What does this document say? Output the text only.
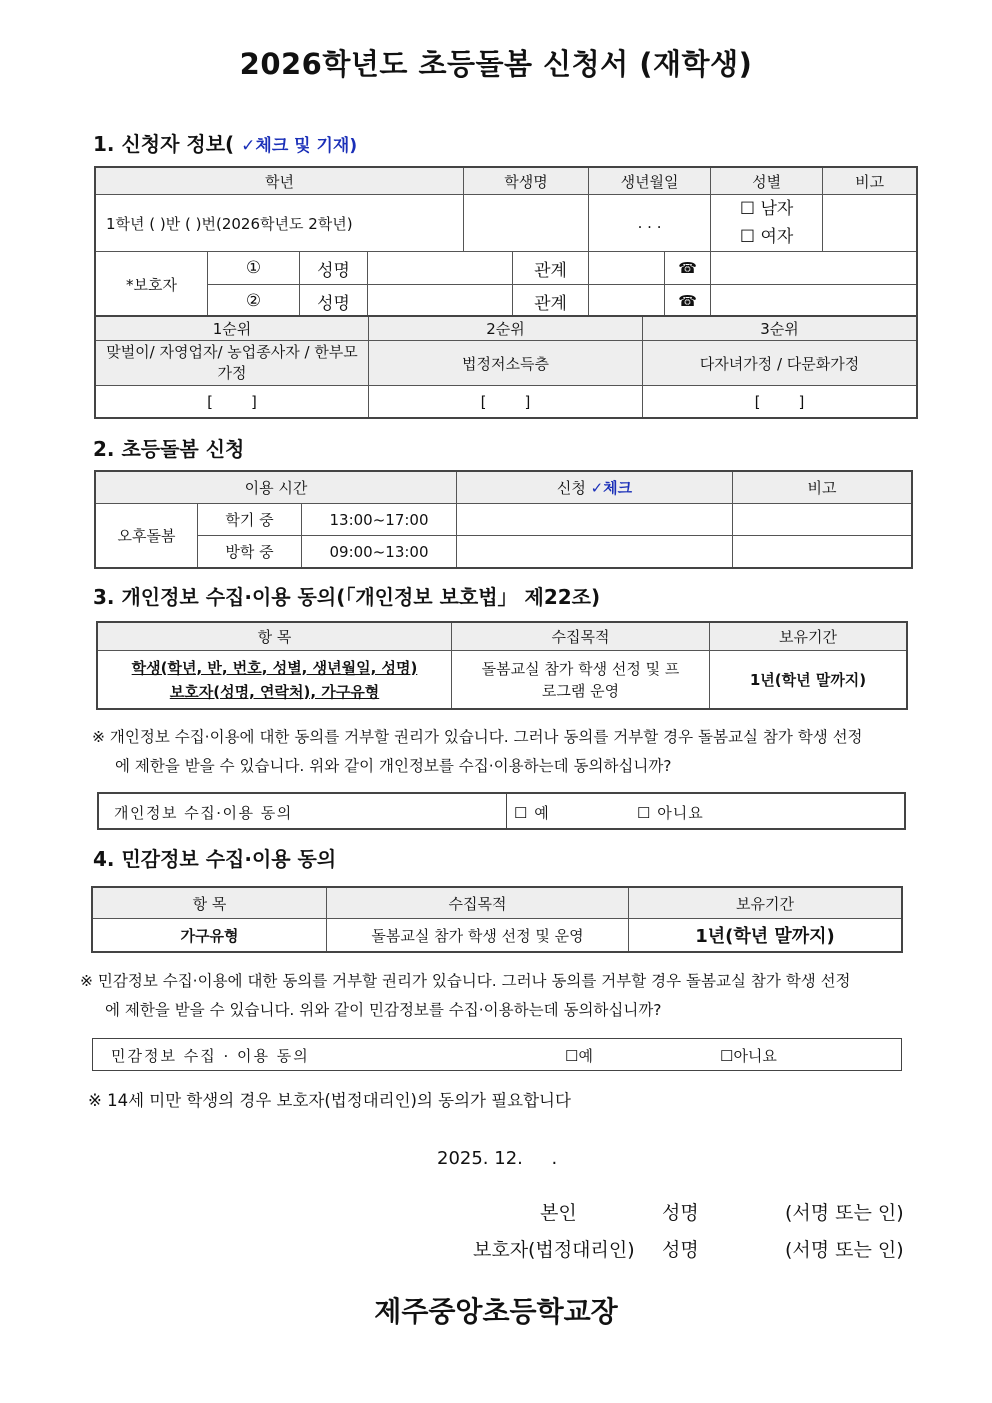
2026학년도 초등돌봄 신청서 (재학생)
1. 신청자 정보( ✓체크 및 기재)
학년				학생명		생년월일		성별	비고
1학년 ( )반 ( )번(2026학년도 2학년)						. . .		☐ 남자
☐ 여자	

*보호자	①	성명			관계		☎		
	②	성명			관계		☎		
1순위	2순위	3순위
맞벌이/ 자영업자/ 농업종사자 / 한부모가정	법정저소득층	다자녀가정 / 다문화가정
[        ]	[        ]	[        ]
2. 초등돌봄 신청
이용 시간			신청 ✓체크	비고
오후돌봄	학기 중	13:00~17:00		
	방학 중	09:00~13:00		
3. 개인정보 수집·이용 동의(「개인정보 보호법」 제22조)
항 목	수집목적	보유기간

학생(학년, 반, 번호, 성별, 생년월일, 성명)
보호자(성명, 연락처), 가구유형	돌봄교실 참가 학생 선정 및 프로그램 운영	1년(학년 말까지)
※ 개인정보 수집·이용에 대한 동의를 거부할 권리가 있습니다. 그러나 동의를 거부할 경우 돌봄교실 참가 학생 선정
에 제한을 받을 수 있습니다. 위와 같이 개인정보를 수집·이용하는데 동의하십니까?
개인정보 수집·이용 동의	☐ 예	☐ 아니요
4. 민감정보 수집·이용 동의
항 목	수집목적	보유기간
가구유형	돌봄교실 참가 학생 선정 및 운영	1년(학년 말까지)
※ 민감정보 수집·이용에 대한 동의를 거부할 권리가 있습니다. 그러나 동의를 거부할 경우 돌봄교실 참가 학생 선정
에 제한을 받을 수 있습니다. 위와 같이 민감정보를 수집·이용하는데 동의하십니까?
민감정보 수집 · 이용 동의	☐예	☐아니요
※ 14세 미만 학생의 경우 보호자(법정대리인)의 동의가 필요합니다
2025. 12.     .
본인	성명	(서명 또는 인)
보호자(법정대리인) 성명	(서명 또는 인)
제주중앙초등학교장
